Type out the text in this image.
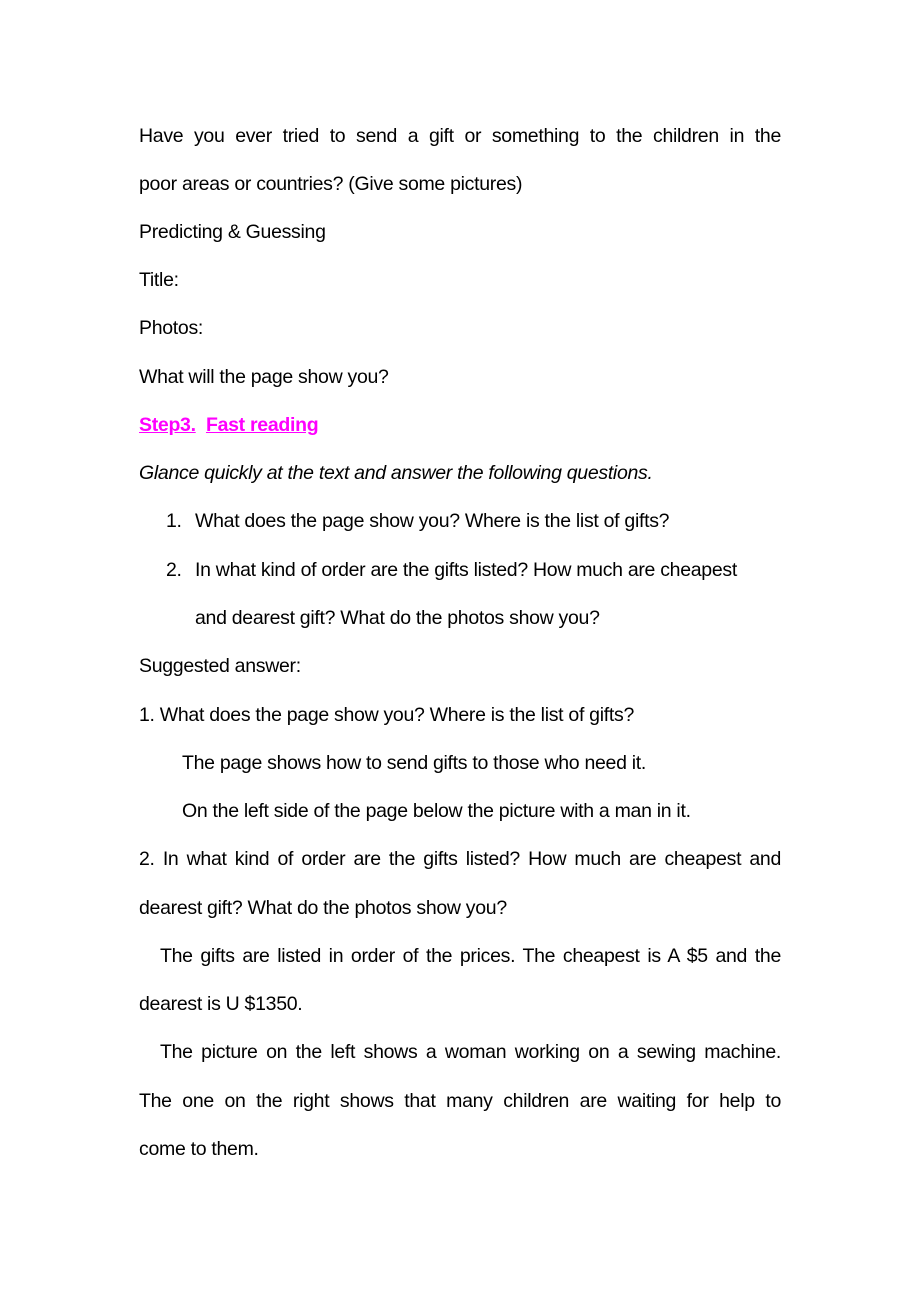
Have you ever tried to send a gift or something to the children in the
poor areas or countries? (Give some pictures)
Predicting & Guessing
Title:
Photos:
What will the page show you?
Step3. Fast reading
Glance quickly at the text and answer the following questions.
1. What does the page show you? Where is the list of gifts?
2. In what kind of order are the gifts listed? How much are cheapest
and dearest gift? What do the photos show you?
Suggested answer:
1. What does the page show you? Where is the list of gifts?
The page shows how to send gifts to those who need it.
On the left side of the page below the picture with a man in it.
2. In what kind of order are the gifts listed? How much are cheapest and
dearest gift? What do the photos show you?
The gifts are listed in order of the prices. The cheapest is A $5 and the
dearest is U $1350.
The picture on the left shows a woman working on a sewing machine.
The one on the right shows that many children are waiting for help to
come to them.
